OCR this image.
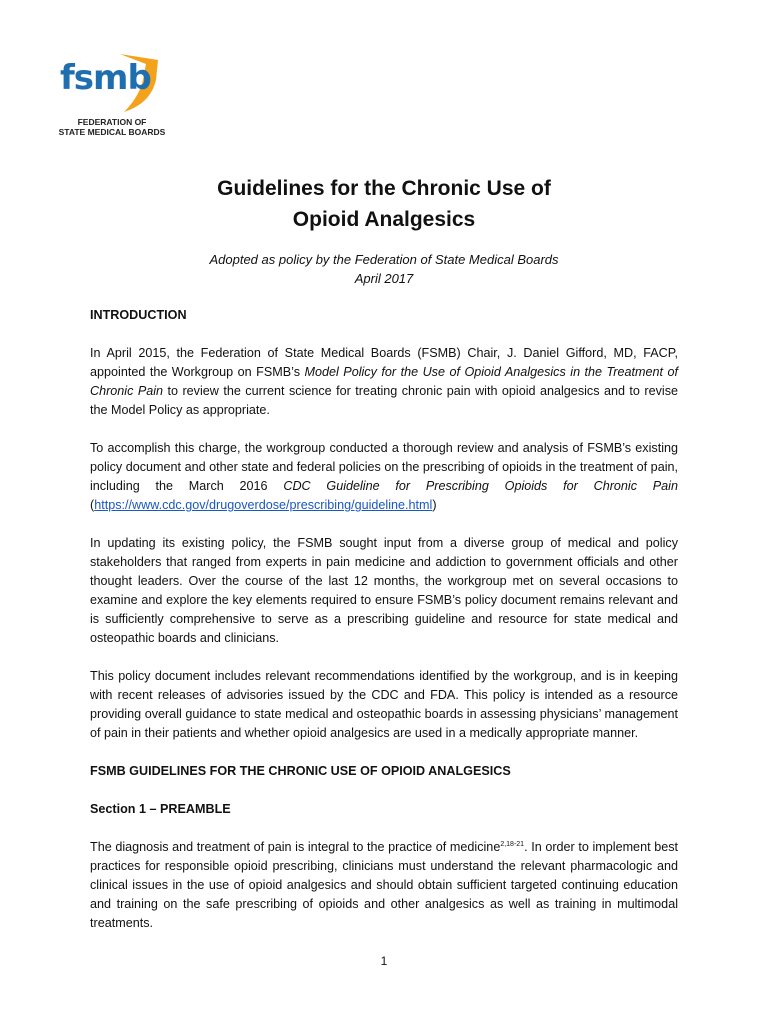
fsmb
FEDERATION OF
STATE MEDICAL BOARDS
Guidelines for the Chronic Use of
Opioid Analgesics
Adopted as policy by the Federation of State Medical Boards
April 2017

INTRODUCTION

In April 2015, the Federation of State Medical Boards (FSMB) Chair, J. Daniel Gifford, MD, FACP, appointed the Workgroup on FSMB’s Model Policy for the Use of Opioid Analgesics in the Treatment of Chronic Pain to review the current science for treating chronic pain with opioid analgesics and to revise the Model Policy as appropriate.

To accomplish this charge, the workgroup conducted a thorough review and analysis of FSMB’s existing policy document and other state and federal policies on the prescribing of opioids in the treatment of pain, including the March 2016 CDC Guideline for Prescribing Opioids for Chronic Pain (https://www.cdc.gov/drugoverdose/prescribing/guideline.html)

In updating its existing policy, the FSMB sought input from a diverse group of medical and policy stakeholders that ranged from experts in pain medicine and addiction to government officials and other thought leaders. Over the course of the last 12 months, the workgroup met on several occasions to examine and explore the key elements required to ensure FSMB’s policy document remains relevant and is sufficiently comprehensive to serve as a prescribing guideline and resource for state medical and osteopathic boards and clinicians.

This policy document includes relevant recommendations identified by the workgroup, and is in keeping with recent releases of advisories issued by the CDC and FDA. This policy is intended as a resource providing overall guidance to state medical and osteopathic boards in assessing physicians’ management of pain in their patients and whether opioid analgesics are used in a medically appropriate manner.

FSMB GUIDELINES FOR THE CHRONIC USE OF OPIOID ANALGESICS

Section 1 – PREAMBLE

The diagnosis and treatment of pain is integral to the practice of medicine$^{2,18-21}$. In order to implement best practices for responsible opioid prescribing, clinicians must understand the relevant pharmacologic and clinical issues in the use of opioid analgesics and should obtain sufficient targeted continuing education and training on the safe prescribing of opioids and other analgesics as well as training in multimodal treatments.

1
